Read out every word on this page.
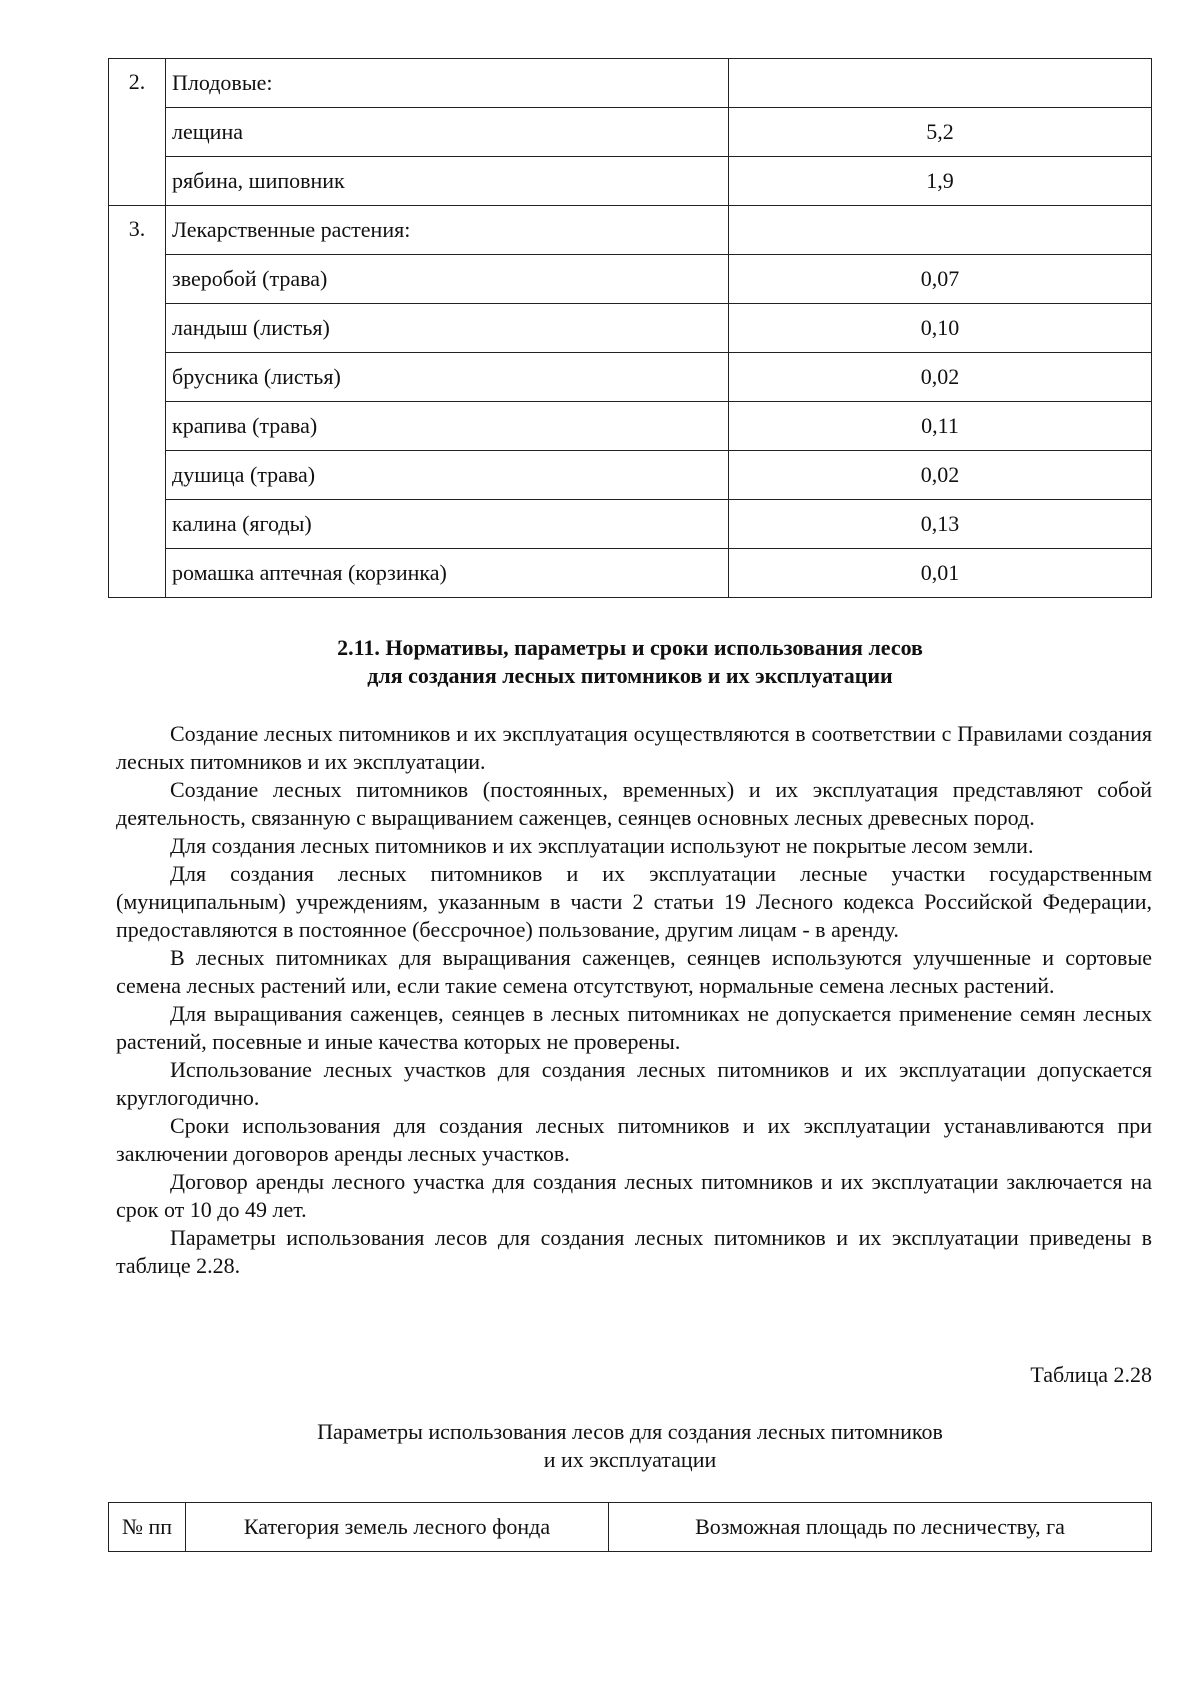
2.	Плодовые:	
	лещина	5,2
	рябина, шиповник	1,9
3.	Лекарственные растения:	
	зверобой (трава)	0,07
	ландыш (листья)	0,10
	брусника (листья)	0,02
	крапива (трава)	0,11
	душица (трава)	0,02
	калина (ягоды)	0,13
	ромашка аптечная (корзинка)	0,01
2.11. Нормативы, параметры и сроки использования лесов
для создания лесных питомников и их эксплуатации

Создание лесных питомников и их эксплуатация осуществляются в соответствии с Правилами создания лесных питомников и их эксплуатации.

Создание лесных питомников (постоянных, временных) и их эксплуатация представляют собой деятельность, связанную с выращиванием саженцев, сеянцев основных лесных древесных пород.

Для создания лесных питомников и их эксплуатации используют не покрытые лесом земли.

Для создания лесных питомников и их эксплуатации лесные участки государственным (муниципальным) учреждениям, указанным в части 2 статьи 19 Лесного кодекса Российской Федерации, предоставляются в постоянное (бессрочное) пользование, другим лицам - в аренду.

В лесных питомниках для выращивания саженцев, сеянцев используются улучшенные и сортовые семена лесных растений или, если такие семена отсутствуют, нормальные семена лесных растений.

Для выращивания саженцев, сеянцев в лесных питомниках не допускается применение семян лесных растений, посевные и иные качества которых не проверены.

Использование лесных участков для создания лесных питомников и их эксплуатации допускается круглогодично.

Сроки использования для создания лесных питомников и их эксплуатации устанавливаются при заключении договоров аренды лесных участков.

Договор аренды лесного участка для создания лесных питомников и их эксплуатации заключается на срок от 10 до 49 лет.

Параметры использования лесов для создания лесных питомников и их эксплуатации приведены в таблице 2.28.

Таблица 2.28
Параметры использования лесов для создания лесных питомников
и их эксплуатации
№ пп	Категория земель лесного фонда	Возможная площадь по лесничеству, га
